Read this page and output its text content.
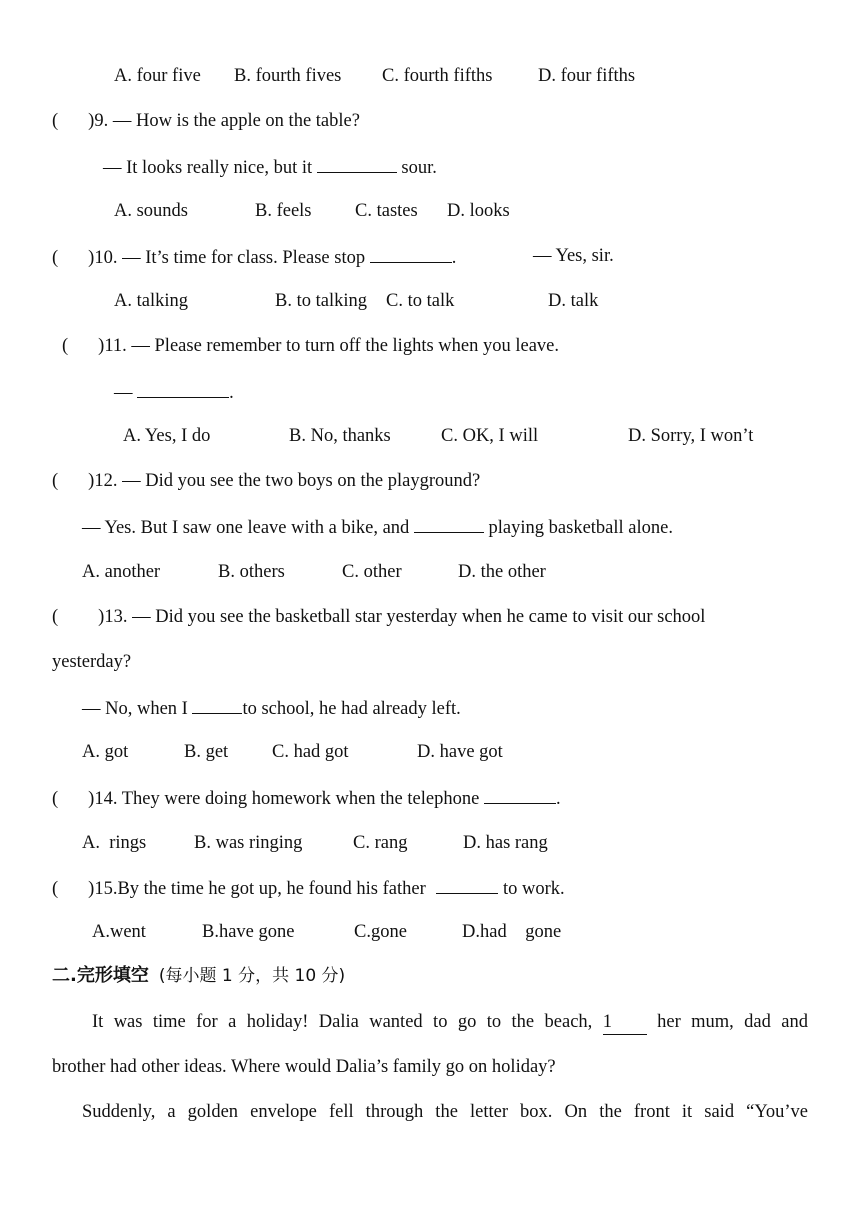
A. four five B. fourth fives C. fourth fifths D. four fifths
( )9. — How is the apple on the table?
— It looks really nice, but it	sour.
A. sounds	B. feels C. tastes D. looks
( )10. — It’s time for class. Please stop	.	— Yes, sir.
A. talking	B. to talking C. to talk	D. talk
( )11. — Please remember to turn off the lights when you leave.
—	.
A. Yes, I do	B. No, thanks	C. OK, I will	D. Sorry, I won’t
( )12. — Did you see the two boys on the playground?
— Yes. But I saw one leave with a bike, and	playing basketball alone.
A. another	B. others	C. other	D. the other
( )13. — Did you see the basketball star yesterday when he came to visit our school
yesterday?
— No, when I	to school, he had already left.
A. got	B. get C. had got	D. have got
( )14. They were doing homework when the telephone	.
A.  rings	B. was ringing	C. rang	D. has rang
( )15.By the time he got up, he found his father	to work.
A.went	B.have gone	C.gone	D.had    gone
二.完形填空 (每小题 1 分，共 10 分)
It was time for a holiday! Dalia wanted to go to the beach, 1 her mum, dad and
brother had other ideas. Where would Dalia’s family go on holiday?
Suddenly, a golden envelope fell through the letter box. On the front it said “You’ve
